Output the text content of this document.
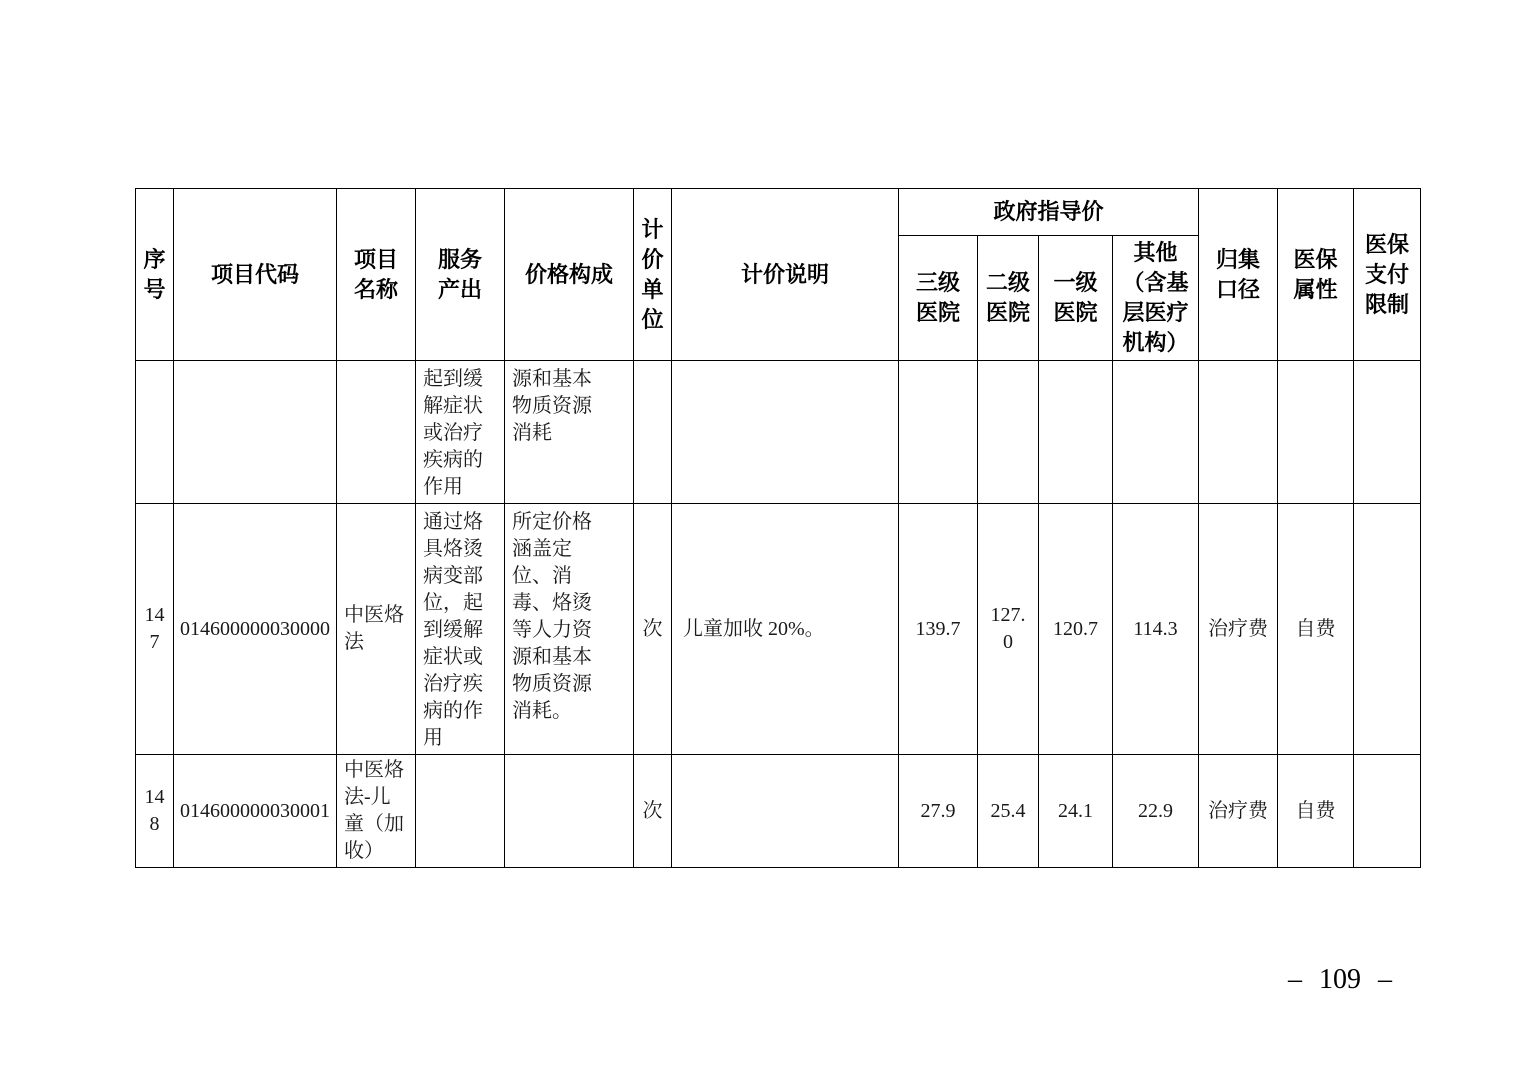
序号	项目代码	项目名称	服务产出	价格构成	计价单位	计价说明	政府指导价				归集口径	医保属性	医保支付限制
							三级医院	二级医院	一级医院	其他（含基层医疗机构）			
			起到缓解症状或治疗疾病的作用	源和基本物质资源消耗									
147	014600000030000	中医烙法	通过烙具烙烫病变部位，起到缓解症状或治疗疾病的作用	所定价格涵盖定位、消毒、烙烫等人力资源和基本物质资源消耗。	次	儿童加收 20%。	139.7	127.0	120.7	114.3	治疗费	自费	
148	014600000030001	中医烙法-儿童（加收）			次		27.9	25.4	24.1	22.9	治疗费	自费	
– 109 –
